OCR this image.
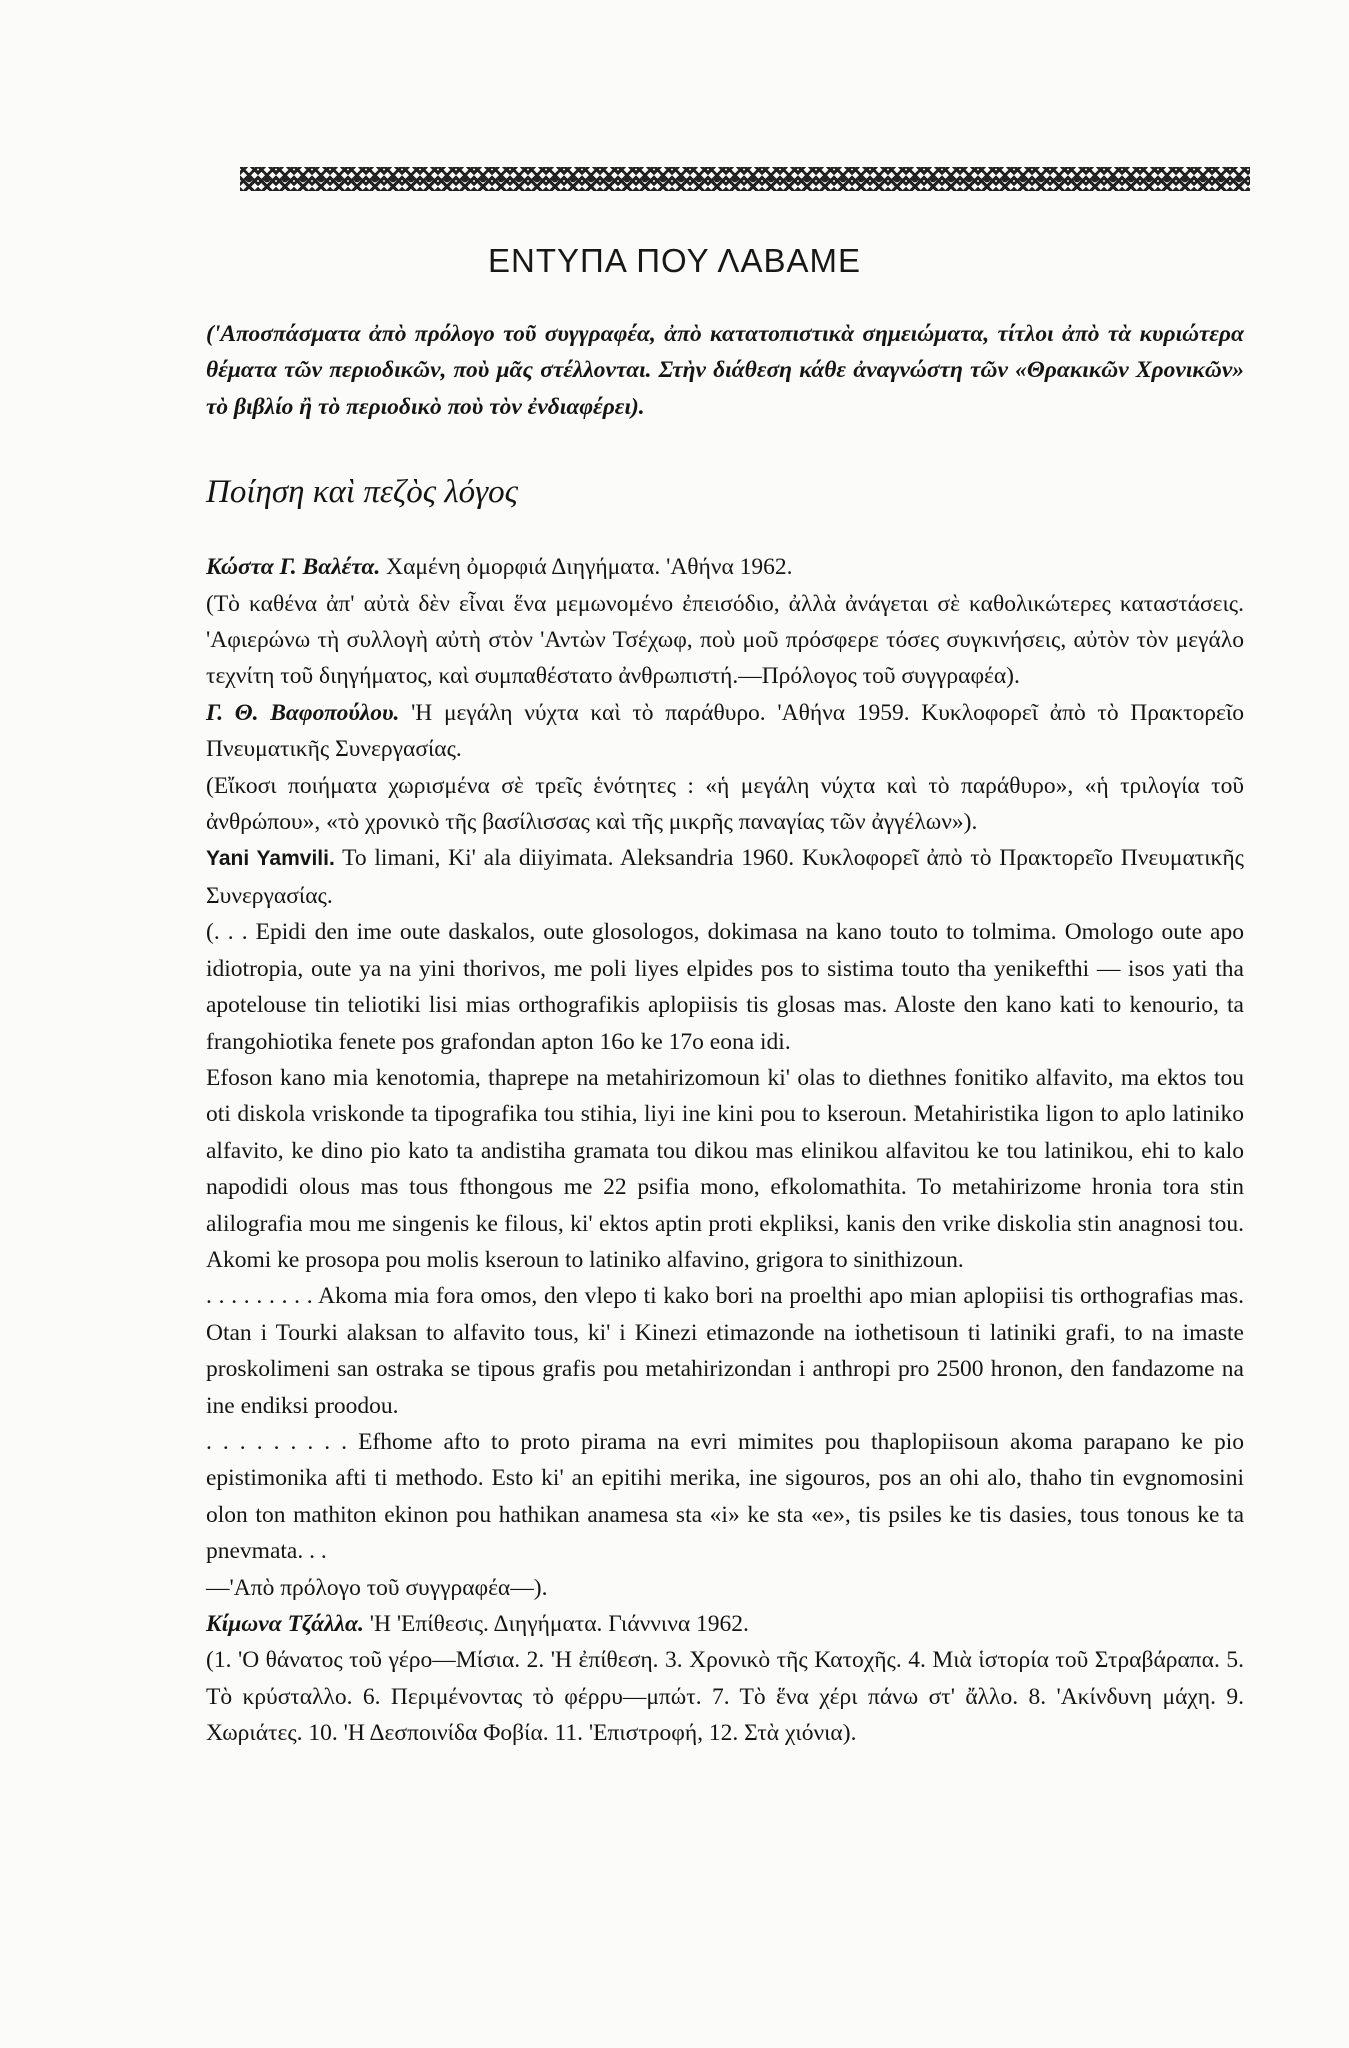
ΕΝΤΥΠΑ ΠΟΥ ΛΑΒΑΜΕ

('Αποσπάσματα ἀπὸ πρόλογο τοῦ συγγραφέα, ἀπὸ κατατοπιστικὰ σημειώματα, τίτλοι ἀπὸ τὰ κυριώτερα θέματα τῶν περιοδικῶν, ποὺ μᾶς στέλλονται. Στὴν διάθεση κάθε ἀναγνώστη τῶν «Θρακικῶν Χρονικῶν» τὸ βιβλίο ἢ τὸ περιοδικὸ ποὺ τὸν ἐνδιαφέρει).

Ποίηση καὶ πεζὸς λόγος

Κώστα Γ. Βαλέτα. Χαμένη ὀμορφιά Διηγήματα. 'Αθήνα 1962.

(Τὸ καθένα ἀπ' αὐτὰ δὲν εἶναι ἕνα μεμωνομένο ἐπεισόδιο, ἀλλὰ ἀνάγεται σὲ καθολικώτερες καταστάσεις. 'Αφιερώνω τὴ συλλογὴ αὐτὴ στὸν 'Αντὼν Τσέχωφ, ποὺ μοῦ πρόσφερε τόσες συγκινήσεις, αὐτὸν τὸν μεγάλο τεχνίτη τοῦ διηγήματος, καὶ συμπαθέστατο ἀνθρωπιστή.—Πρόλογος τοῦ συγγραφέα).

Γ. Θ. Βαφοπούλου. 'Η μεγάλη νύχτα καὶ τὸ παράθυρο. 'Αθήνα 1959. Κυκλοφορεῖ ἀπὸ τὸ Πρακτορεῖο Πνευματικῆς Συνεργασίας.

(Εἴκοσι ποιήματα χωρισμένα σὲ τρεῖς ἑνότητες : «ἡ μεγάλη νύχτα καὶ τὸ παράθυρο», «ἡ τριλογία τοῦ ἀνθρώπου», «τὸ χρονικὸ τῆς βασίλισσας καὶ τῆς μικρῆς παναγίας τῶν ἀγγέλων»).

Yani Yamvili. To limani, Ki' ala diiyimata. Aleksandria 1960. Κυκλοφορεῖ ἀπὸ τὸ Πρακτορεῖο Πνευματικῆς Συνεργασίας.

(. . . Epidi den ime oute daskalos, oute glosologos, dokimasa na kano touto to tolmima. Omologo oute apo idiotropia, oute ya na yini thorivos, me poli liyes elpides pos to sistima touto tha yenikefthi — isos yati tha apotelouse tin teliotiki lisi mias orthografikis aplopiisis tis glosas mas. Aloste den kano kati to kenourio, ta frangohiotika fenete pos grafondan apton 16o ke 17o eona idi.

Efoson kano mia kenotomia, thaprepe na metahirizomoun ki' olas to diethnes fonitiko alfavito, ma ektos tou oti diskola vriskonde ta tipografika tou stihia, liyi ine kini pou to kseroun. Metahiristika ligon to aplo latiniko alfavito, ke dino pio kato ta andistiha gramata tou dikou mas elinikou alfavitou ke tou latinikou, ehi to kalo napodidi olous mas tous fthongous me 22 psifia mono, efkolomathita. To metahirizome hronia tora stin alilografia mou me singenis ke filous, ki' ektos aptin proti ekpliksi, kanis den vrike diskolia stin anagnosi tou. Akomi ke prosopa pou molis kseroun to latiniko alfavino, grigora to sinithizoun.

. . . . . . . . . Akoma mia fora omos, den vlepo ti kako bori na proelthi apo mian aplopiisi tis orthografias mas. Otan i Tourki alaksan to alfavito tous, ki' i Kinezi etimazonde na iothetisoun ti latiniki grafi, to na imaste proskolimeni san ostraka se tipous grafis pou metahirizondan i anthropi pro 2500 hronon, den fandazome na ine endiksi proodou.

. . . . . . . . . Efhome afto to proto pirama na evri mimites pou thaplopiisoun akoma parapano ke pio epistimonika afti ti methodo. Esto ki' an epitihi merika, ine sigouros, pos an ohi alo, thaho tin evgnomosini olon ton mathiton ekinon pou hathikan anamesa sta «i» ke sta «e», tis psiles ke tis dasies, tous tonous ke ta pnevmata. . .

—'Απὸ πρόλογο τοῦ συγγραφέα—).

Κίμωνα Τζάλλα. 'Η 'Επίθεσις. Διηγήματα. Γιάννινα 1962.

(1. 'Ο θάνατος τοῦ γέρο—Μίσια. 2. 'Η ἐπίθεση. 3. Χρονικὸ τῆς Κατοχῆς. 4. Μιὰ ἱστορία τοῦ Στραβάραπα. 5. Τὸ κρύσταλλο. 6. Περιμένοντας τὸ φέρρυ—μπώτ. 7. Τὸ ἕνα χέρι πάνω στ' ἄλλο. 8. 'Ακίνδυνη μάχη. 9. Χωριάτες. 10. 'Η Δεσποινίδα Φοβία. 11. 'Επιστροφή, 12. Στὰ χιόνια).
